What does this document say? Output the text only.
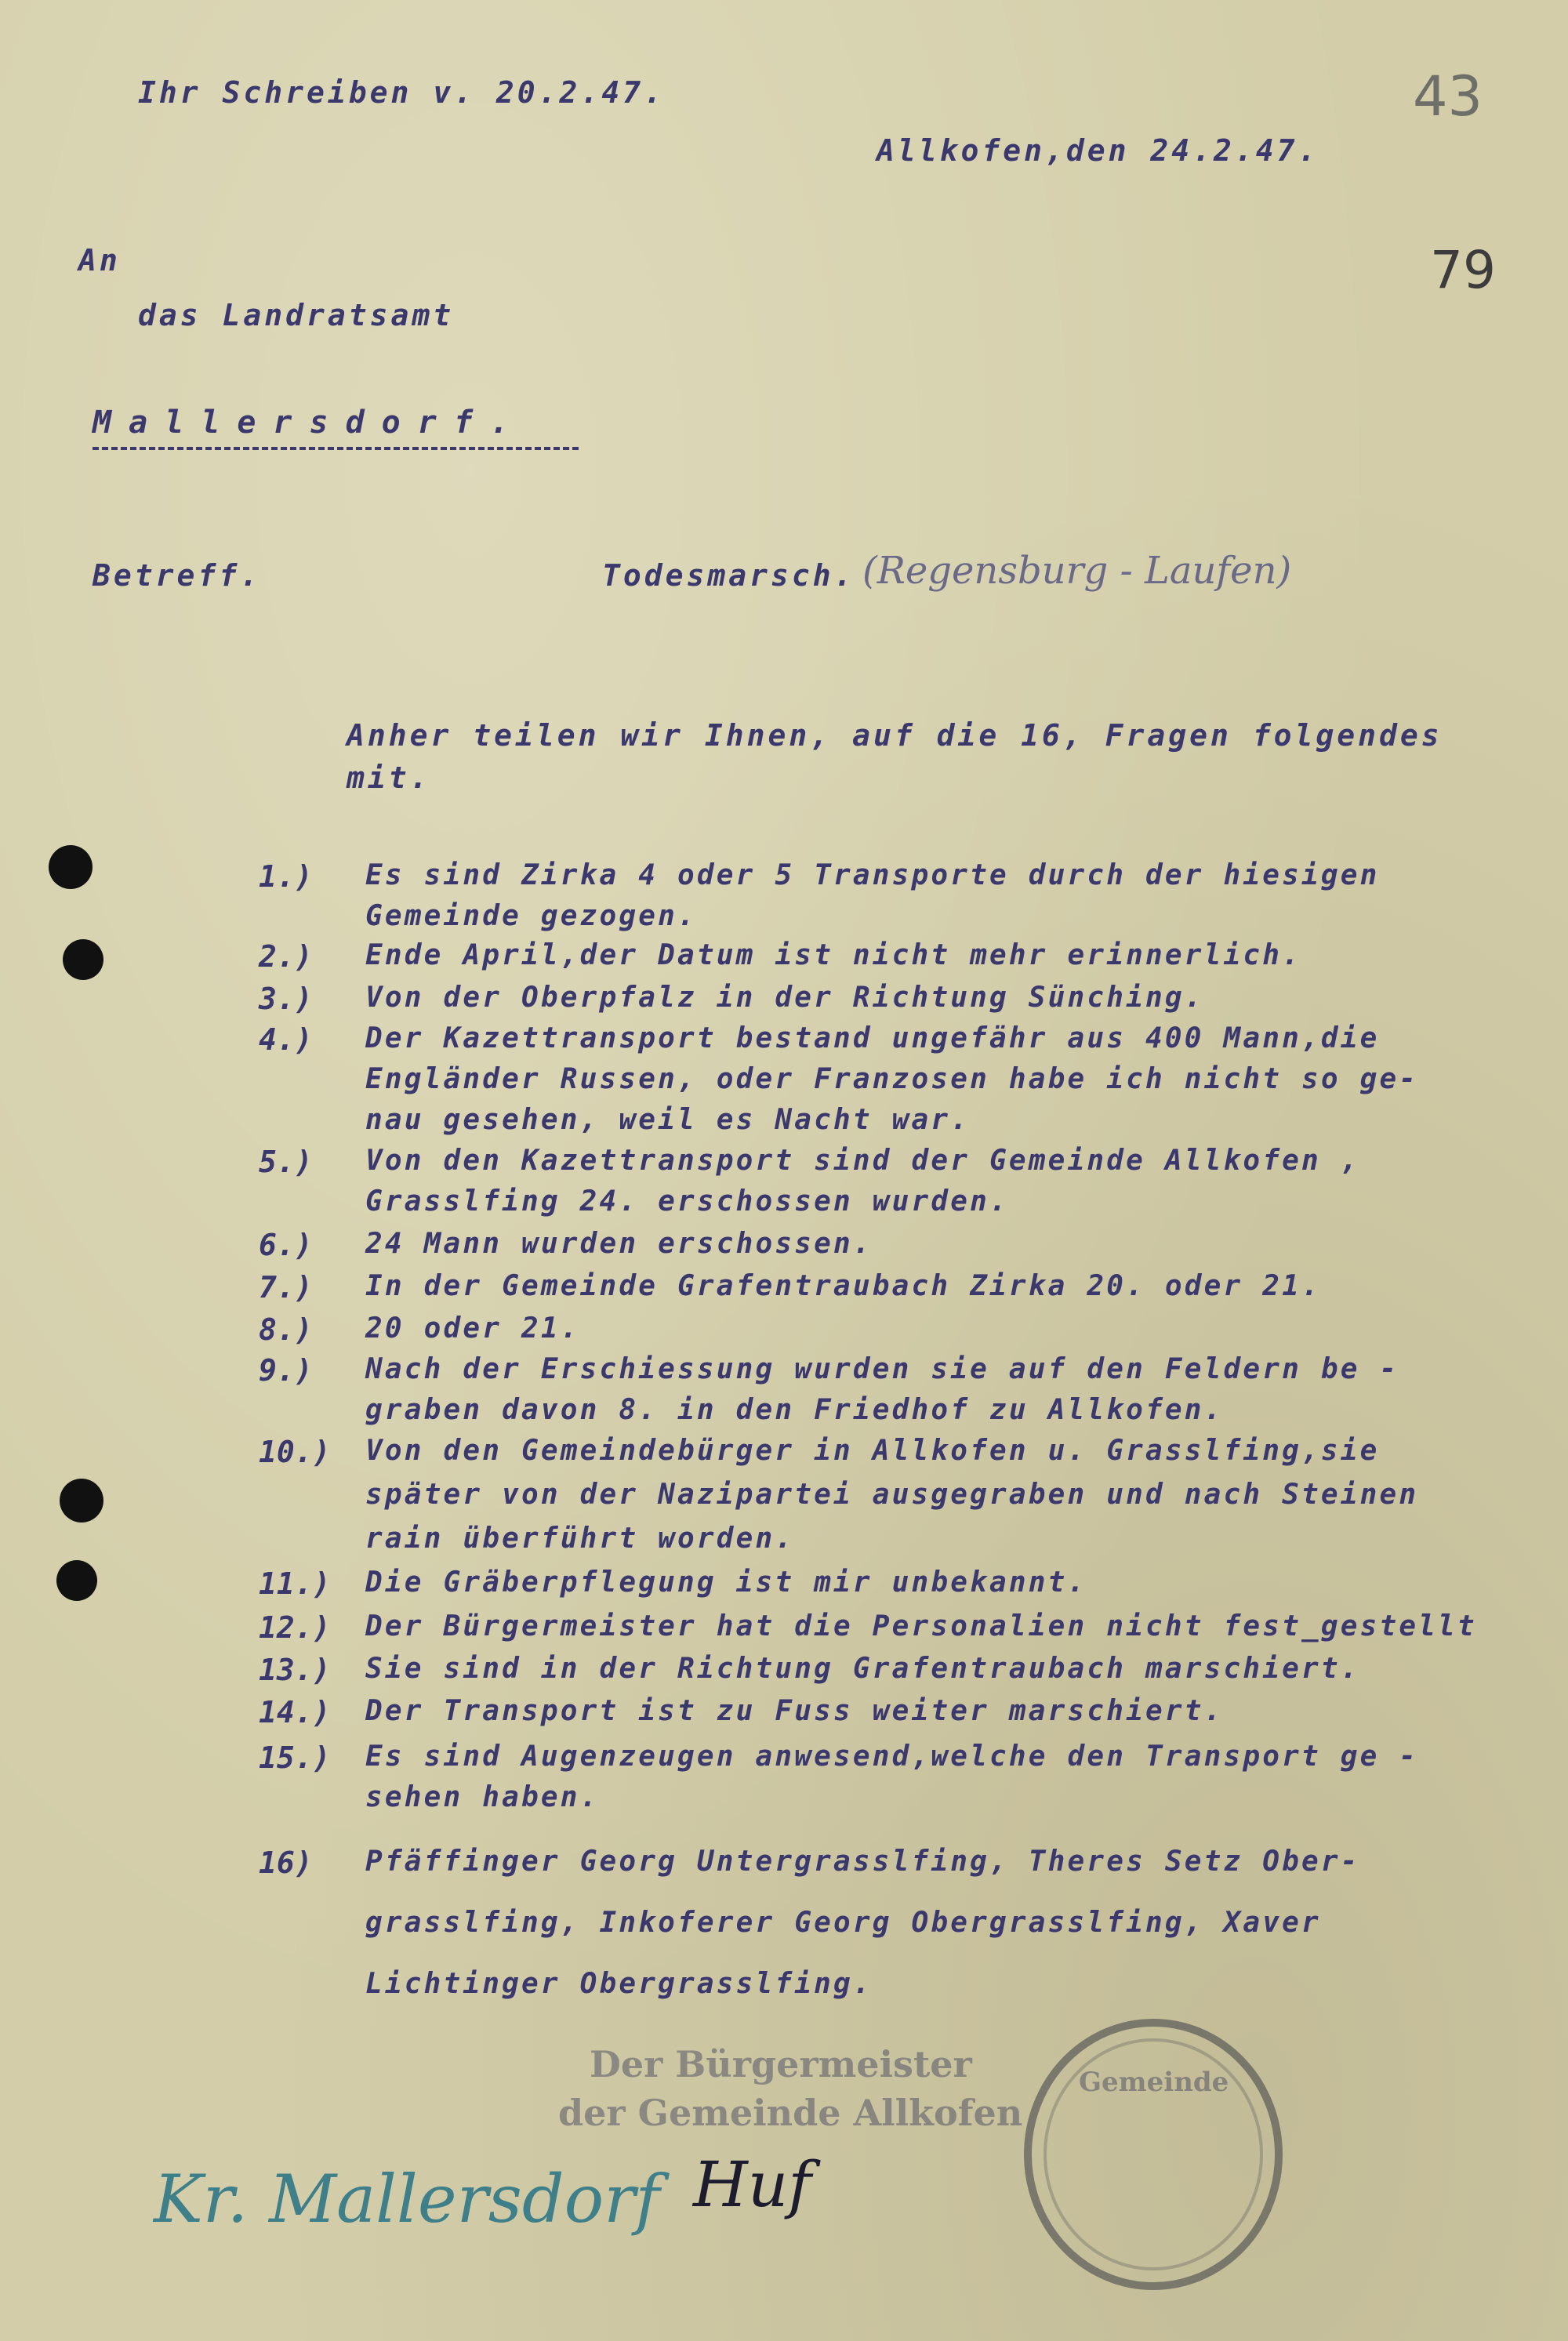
Ihr Schreiben v. 20.2.47.	43
Allkofen,den 24.2.47.
79
An
das Landratsamt
Mallersdorf.
Betreff.	Todesmarsch. (Regensburg - Laufen)
Anher teilen wir Ihnen, auf die 16, Fragen folgendes
mit.
1.) Es sind Zirka 4 oder 5 Transporte durch der hiesigen
Gemeinde gezogen.
2.) Ende April,der Datum ist nicht mehr erinnerlich.
3.) Von der Oberpfalz in der Richtung Sünching.
4.) Der Kazettransport bestand ungefähr aus 400 Mann,die
Engländer Russen, oder Franzosen habe ich nicht so ge-
nau gesehen, weil es Nacht war.
5.) Von den Kazettransport sind der Gemeinde Allkofen ,
Grasslfing 24. erschossen wurden.
6.) 24 Mann wurden erschossen.
7.) In der Gemeinde Grafentraubach Zirka 20. oder 21.
8.) 20 oder 21.
9.) Nach der Erschiessung wurden sie auf den Feldern be -
graben davon 8. in den Friedhof zu Allkofen.
10.) Von den Gemeindebürger in Allkofen u. Grasslfing,sie
später von der Nazipartei ausgegraben und nach Steinen
rain überführt worden.
11.) Die Gräberpflegung ist mir unbekannt.
12.) Der Bürgermeister hat die Personalien nicht fest_gestellt
13.) Sie sind in der Richtung Grafentraubach marschiert.
14.) Der Transport ist zu Fuss weiter marschiert.
15.) Es sind Augenzeugen anwesend,welche den Transport ge -
sehen haben.
16) Pfäffinger Georg Untergrasslfing, Theres Setz Ober-
grasslfing, Inkoferer Georg Obergrasslfing, Xaver
Lichtinger Obergrasslfing.
Der Bürgermeister
der Gemeinde Allkofen
Gemeinde
Kr. Mallersdorf Huf
